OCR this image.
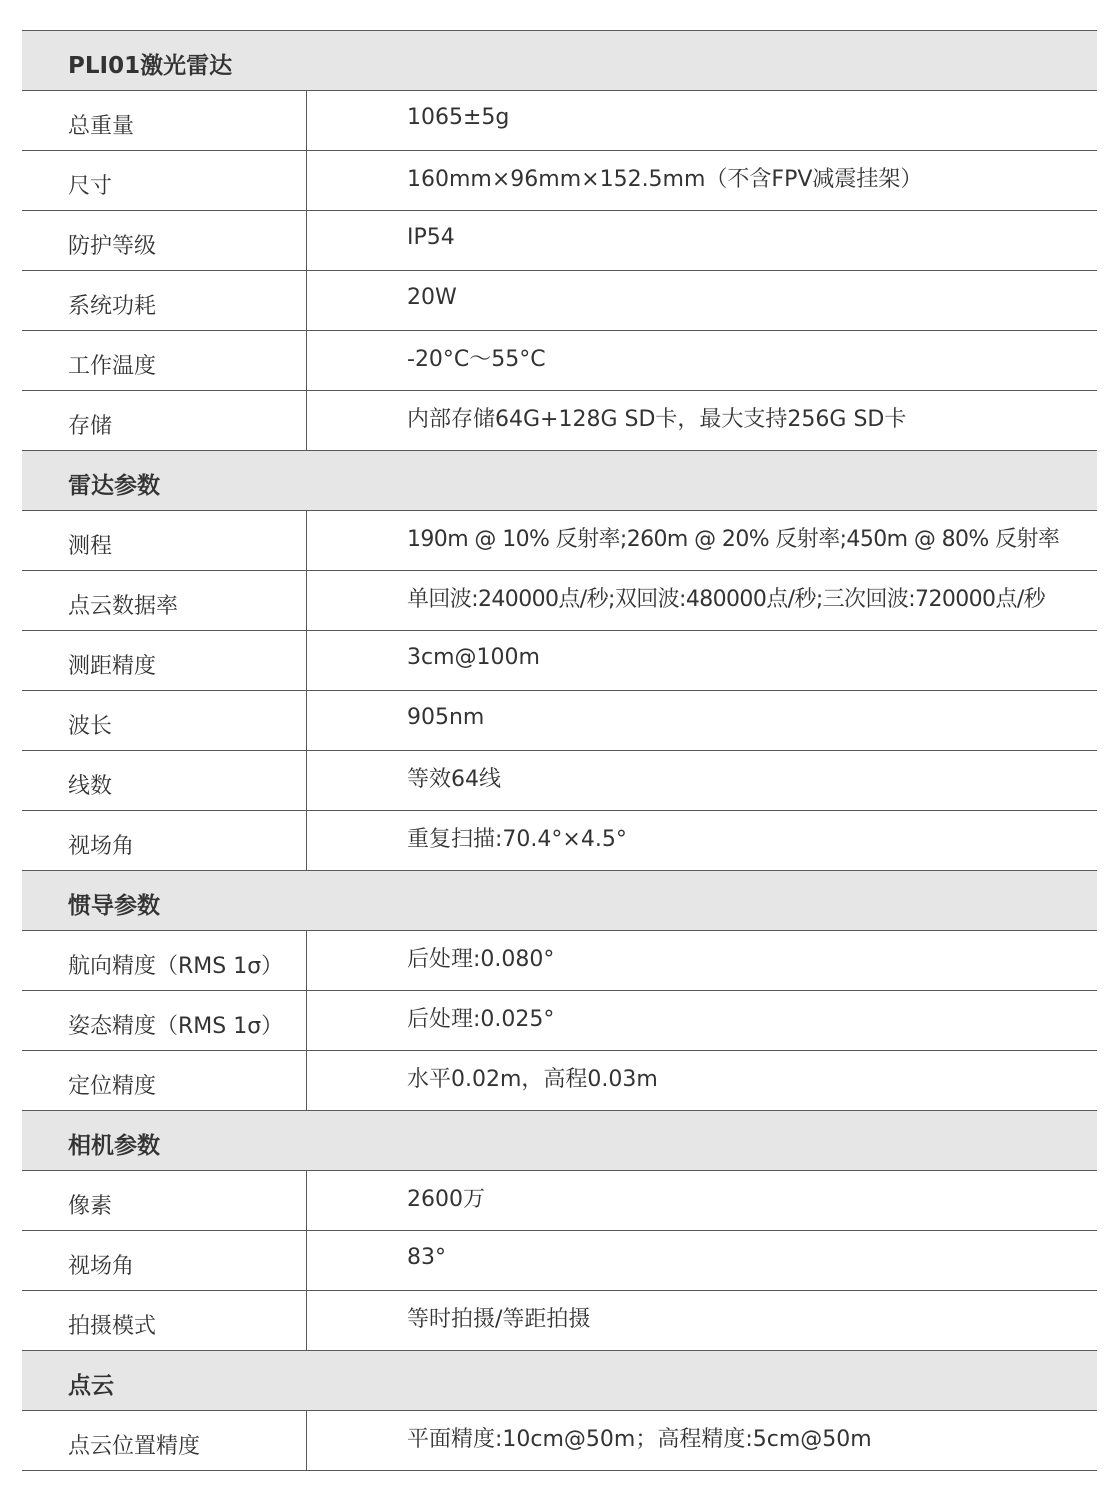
PLI01激光雷达
总重量	1065±5g
尺寸	160mm×96mm×152.5mm（不含FPV减震挂架）
防护等级	IP54
系统功耗	20W
工作温度	-20°C～55°C
存储	内部存储64G+128G SD卡，最大支持256G SD卡
雷达参数
测程	190m @ 10% 反射率;260m @ 20% 反射率;450m @ 80% 反射率
点云数据率	单回波:240000点/秒;双回波:480000点/秒;三次回波:720000点/秒
测距精度	3cm@100m
波长	905nm
线数	等效64线
视场角	重复扫描:70.4°×4.5°
惯导参数
航向精度（RMS 1σ）	后处理:0.080°
姿态精度（RMS 1σ）	后处理:0.025°
定位精度	水平0.02m，高程0.03m
相机参数
像素	2600万
视场角	83°
拍摄模式	等时拍摄/等距拍摄
点云
点云位置精度	平面精度:10cm@50m；高程精度:5cm@50m
